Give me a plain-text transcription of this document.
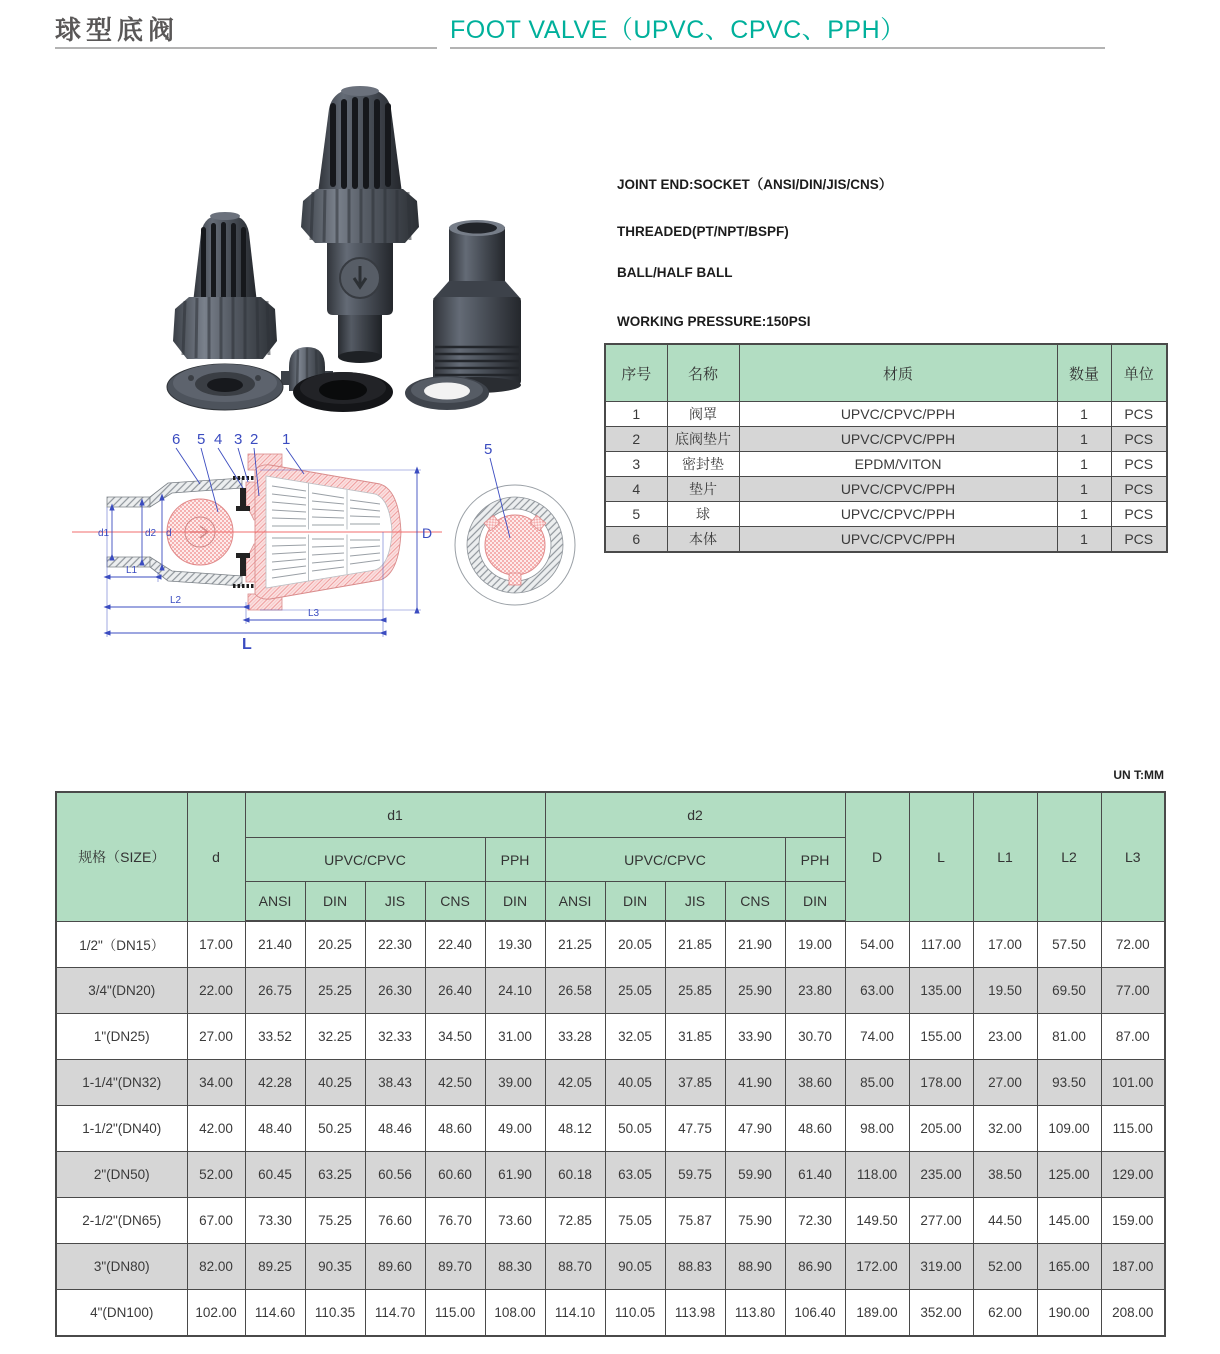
球型底阀	FOOT VALVE（UPVC、CPVC、PPH）
6 5 4 3 2 1
d1	d2 d
L1
L2
L3
L
D
5
JOINT END:SOCKET（ANSI/DIN/JIS/CNS）
THREADED(PT/NPT/BSPF)
BALL/HALF BALL
WORKING PRESSURE:150PSI
序号	名称	材质	数量	单位
1	阀罩	UPVC/CPVC/PPH	1	PCS
2	底阀垫片	UPVC/CPVC/PPH	1	PCS
3	密封垫	EPDM/VITON	1	PCS
4	垫片	UPVC/CPVC/PPH	1	PCS
5	球	UPVC/CPVC/PPH	1	PCS
6	本体	UPVC/CPVC/PPH	1	PCS
UN T:MM
规格（SIZE）	d	d1					d2					D	L	L1	L2	L3
		UPVC/CPVC				PPH	UPVC/CPVC				PPH					
		ANSI	DIN	JIS	CNS	DIN	ANSI	DIN	JIS	CNS	DIN					
1/2"（DN15）	17.00	21.40	20.25	22.30	22.40	19.30	21.25	20.05	21.85	21.90	19.00	54.00	117.00	17.00	57.50	72.00
3/4"(DN20)	22.00	26.75	25.25	26.30	26.40	24.10	26.58	25.05	25.85	25.90	23.80	63.00	135.00	19.50	69.50	77.00
1"(DN25)	27.00	33.52	32.25	32.33	34.50	31.00	33.28	32.05	31.85	33.90	30.70	74.00	155.00	23.00	81.00	87.00
1-1/4"(DN32)	34.00	42.28	40.25	38.43	42.50	39.00	42.05	40.05	37.85	41.90	38.60	85.00	178.00	27.00	93.50	101.00
1-1/2"(DN40)	42.00	48.40	50.25	48.46	48.60	49.00	48.12	50.05	47.75	47.90	48.60	98.00	205.00	32.00	109.00	115.00
2"(DN50)	52.00	60.45	63.25	60.56	60.60	61.90	60.18	63.05	59.75	59.90	61.40	118.00	235.00	38.50	125.00	129.00
2-1/2"(DN65)	67.00	73.30	75.25	76.60	76.70	73.60	72.85	75.05	75.87	75.90	72.30	149.50	277.00	44.50	145.00	159.00
3"(DN80)	82.00	89.25	90.35	89.60	89.70	88.30	88.70	90.05	88.83	88.90	86.90	172.00	319.00	52.00	165.00	187.00
4"(DN100)	102.00	114.60	110.35	114.70	115.00	108.00	114.10	110.05	113.98	113.80	106.40	189.00	352.00	62.00	190.00	208.00
